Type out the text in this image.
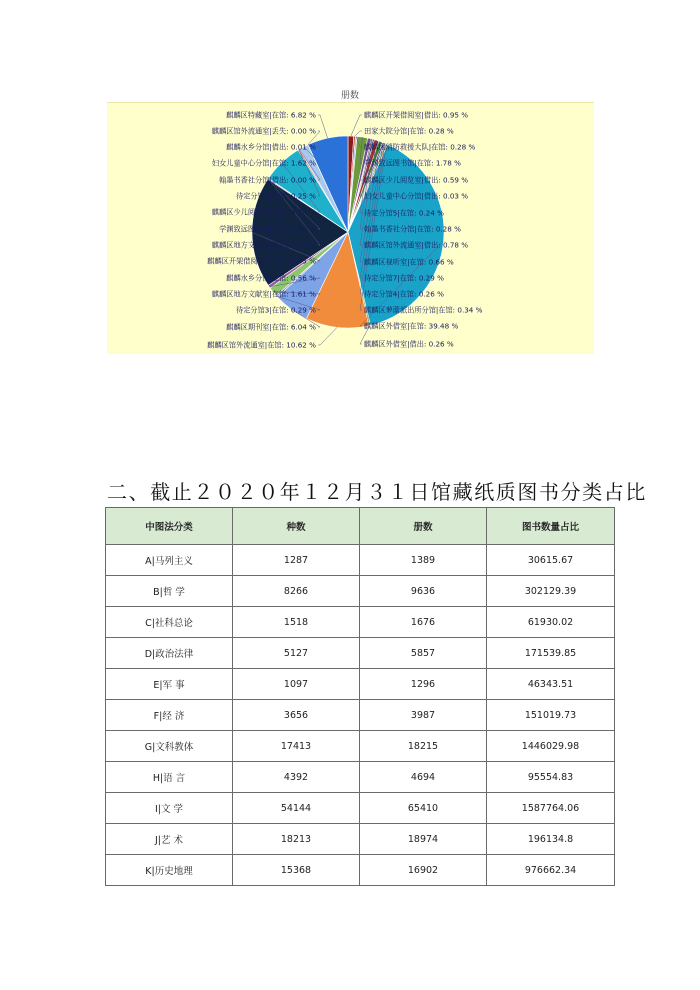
册数
麒麟区开架借阅室|借出: 0.95 %
田家大院分馆|在馆: 0.28 %
麒麟区消防救援大队|在馆: 0.28 %
学渊致远图书馆|在馆: 1.78 %
麒麟区少儿阅览室|借出: 0.59 %
妇女儿童中心分馆|借出: 0.03 %
待定分馆5|在馆: 0.24 %
翰墨书香社分馆|在馆: 0.28 %
麒麟区馆外流通室|借出: 0.78 %
麒麟区视听室|在馆: 0.66 %
待定分馆7|在馆: 0.29 %
待定分馆4|在馆: 0.26 %
麒麟区萝蓆派出所分馆|在馆: 0.34 %
麒麟区外借室|在馆: 39.48 %
麒麟区外借室|借出: 0.26 %
麒麟区馆外流通室|在馆: 10.62 %
麒麟区期刊室|在馆: 6.04 %
待定分馆3|在馆: 0.29 %
麒麟区地方文献室|在馆: 1.61 %
麒麟水乡分馆|在馆: 0.56 %
麒麟区开架借阅室|在馆: 18.65 %
麒麟区地方文献室|借出: 0.18 %
学渊致远图书馆|借出: 0.00 %
麒麟区少儿阅览室|在馆: 6.84 %
待定分馆6|在馆: 0.25 %
翰墨书香社分馆|借出: 0.00 %
妇女儿童中心分馆|在馆: 1.62 %
麒麟水乡分馆|借出: 0.01 %
麒麟区馆外流通室|丢失: 0.00 %
麒麟区特藏室|在馆: 6.82 %
二、截止２０２０年１２月３１日馆藏纸质图书分类占比
中图法分类	种数	册数	图书数量占比
A|马列主义	1287	1389	30615.67
B|哲 学	8266	9636	302129.39
C|社科总论	1518	1676	61930.02
D|政治法律	5127	5857	171539.85
E|军 事	1097	1296	46343.51
F|经 济	3656	3987	151019.73
G|文科教体	17413	18215	1446029.98
H|语 言	4392	4694	95554.83
I|文 学	54144	65410	1587764.06
J|艺 术	18213	18974	196134.8
K|历史地理	15368	16902	976662.34
